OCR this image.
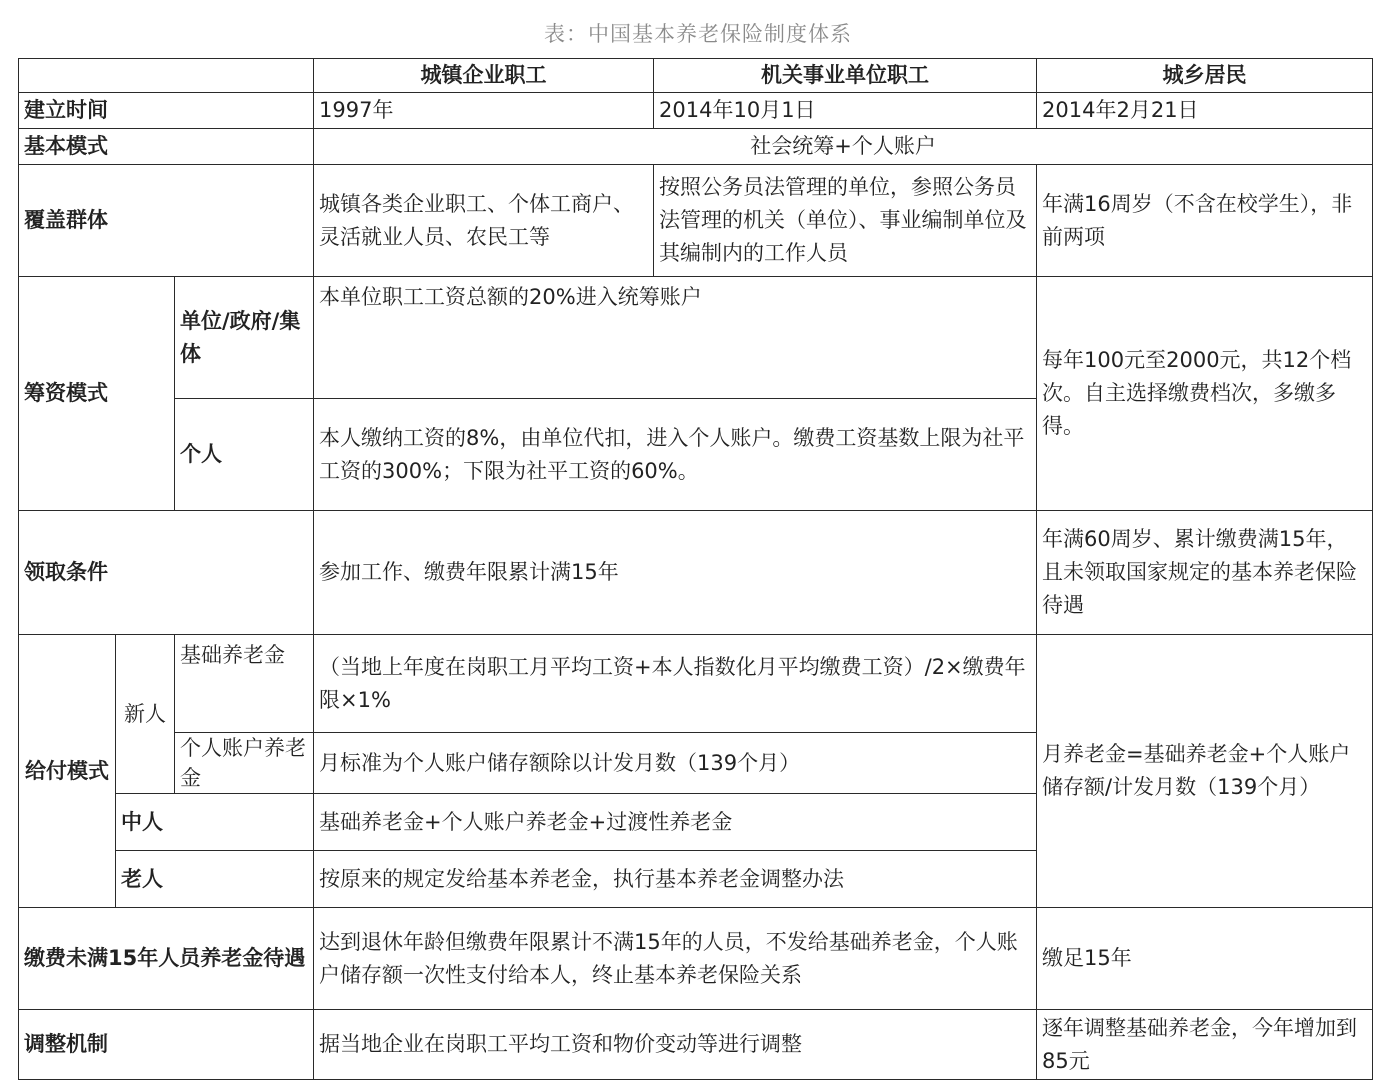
表：中国基本养老保险制度体系
			城镇企业职工	机关事业单位职工	城乡居民
建立时间			1997年	2014年10月1日	2014年2月21日
基本模式			社会统筹+个人账户		
覆盖群体			城镇各类企业职工、个体工商户、灵活就业人员、农民工等	按照公务员法管理的单位，参照公务员法管理的机关（单位）、事业编制单位及其编制内的工作人员	年满16周岁（不含在校学生），非前两项
筹资模式		单位/政府/集体	本单位职工工资总额的20%进入统筹账户		每年100元至2000元，共12个档次。自主选择缴费档次，多缴多得。
		个人	本人缴纳工资的8%，由单位代扣，进入个人账户。缴费工资基数上限为社平工资的300%；下限为社平工资的60%。		
领取条件			参加工作、缴费年限累计满15年		年满60周岁、累计缴费满15年，且未领取国家规定的基本养老保险待遇
给付模式	新人	基础养老金	（当地上年度在岗职工月平均工资+本人指数化月平均缴费工资）/2×缴费年限×1%		月养老金=基础养老金+个人账户储存额/计发月数（139个月）
		个人账户养老金	月标准为个人账户储存额除以计发月数（139个月）		
	中人		基础养老金+个人账户养老金+过渡性养老金		
	老人		按原来的规定发给基本养老金，执行基本养老金调整办法		
缴费未满15年人员养老金待遇			达到退休年龄但缴费年限累计不满15年的人员，不发给基础养老金，个人账户储存额一次性支付给本人，终止基本养老保险关系		缴足15年
调整机制			据当地企业在岗职工平均工资和物价变动等进行调整		逐年调整基础养老金，今年增加到85元
